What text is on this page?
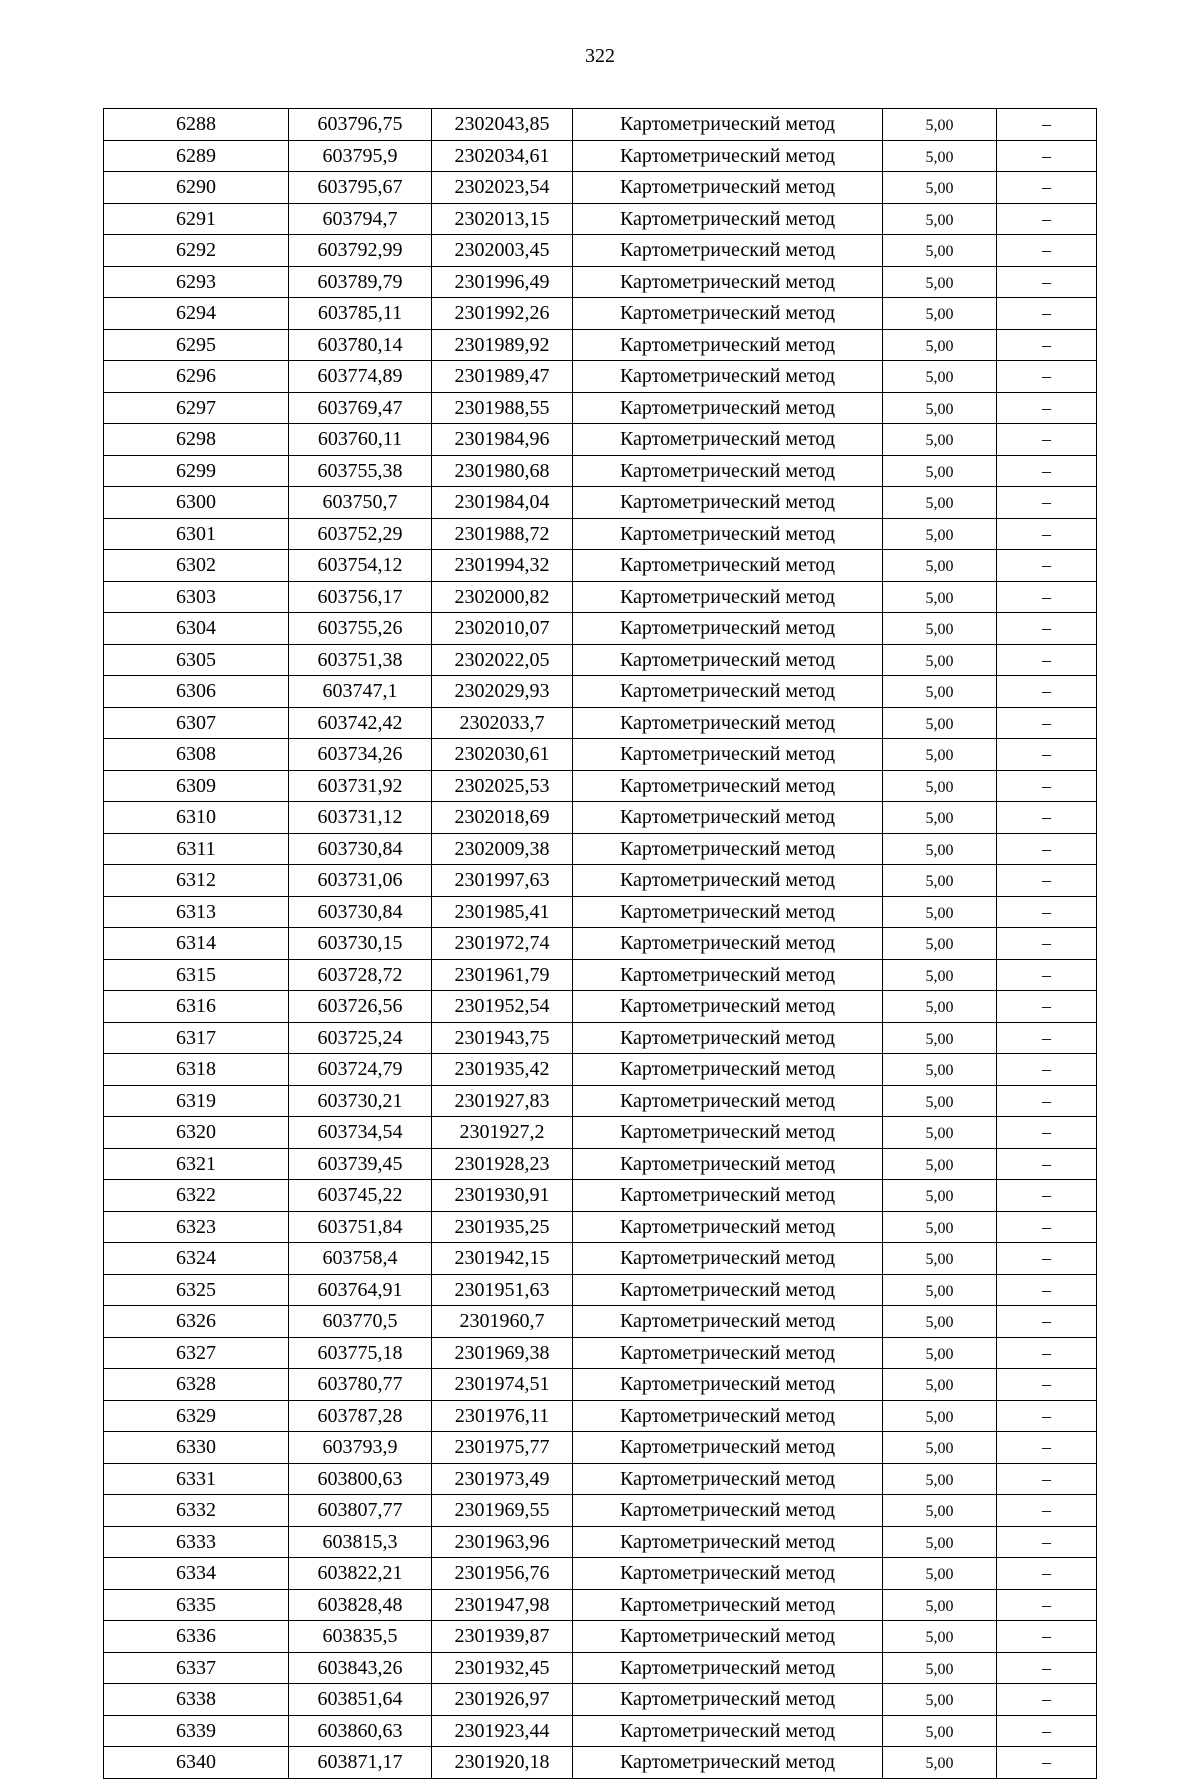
322
6288	603796,75	2302043,85	Картометрический метод	5,00	–
6289	603795,9	2302034,61	Картометрический метод	5,00	–
6290	603795,67	2302023,54	Картометрический метод	5,00	–
6291	603794,7	2302013,15	Картометрический метод	5,00	–
6292	603792,99	2302003,45	Картометрический метод	5,00	–
6293	603789,79	2301996,49	Картометрический метод	5,00	–
6294	603785,11	2301992,26	Картометрический метод	5,00	–
6295	603780,14	2301989,92	Картометрический метод	5,00	–
6296	603774,89	2301989,47	Картометрический метод	5,00	–
6297	603769,47	2301988,55	Картометрический метод	5,00	–
6298	603760,11	2301984,96	Картометрический метод	5,00	–
6299	603755,38	2301980,68	Картометрический метод	5,00	–
6300	603750,7	2301984,04	Картометрический метод	5,00	–
6301	603752,29	2301988,72	Картометрический метод	5,00	–
6302	603754,12	2301994,32	Картометрический метод	5,00	–
6303	603756,17	2302000,82	Картометрический метод	5,00	–
6304	603755,26	2302010,07	Картометрический метод	5,00	–
6305	603751,38	2302022,05	Картометрический метод	5,00	–
6306	603747,1	2302029,93	Картометрический метод	5,00	–
6307	603742,42	2302033,7	Картометрический метод	5,00	–
6308	603734,26	2302030,61	Картометрический метод	5,00	–
6309	603731,92	2302025,53	Картометрический метод	5,00	–
6310	603731,12	2302018,69	Картометрический метод	5,00	–
6311	603730,84	2302009,38	Картометрический метод	5,00	–
6312	603731,06	2301997,63	Картометрический метод	5,00	–
6313	603730,84	2301985,41	Картометрический метод	5,00	–
6314	603730,15	2301972,74	Картометрический метод	5,00	–
6315	603728,72	2301961,79	Картометрический метод	5,00	–
6316	603726,56	2301952,54	Картометрический метод	5,00	–
6317	603725,24	2301943,75	Картометрический метод	5,00	–
6318	603724,79	2301935,42	Картометрический метод	5,00	–
6319	603730,21	2301927,83	Картометрический метод	5,00	–
6320	603734,54	2301927,2	Картометрический метод	5,00	–
6321	603739,45	2301928,23	Картометрический метод	5,00	–
6322	603745,22	2301930,91	Картометрический метод	5,00	–
6323	603751,84	2301935,25	Картометрический метод	5,00	–
6324	603758,4	2301942,15	Картометрический метод	5,00	–
6325	603764,91	2301951,63	Картометрический метод	5,00	–
6326	603770,5	2301960,7	Картометрический метод	5,00	–
6327	603775,18	2301969,38	Картометрический метод	5,00	–
6328	603780,77	2301974,51	Картометрический метод	5,00	–
6329	603787,28	2301976,11	Картометрический метод	5,00	–
6330	603793,9	2301975,77	Картометрический метод	5,00	–
6331	603800,63	2301973,49	Картометрический метод	5,00	–
6332	603807,77	2301969,55	Картометрический метод	5,00	–
6333	603815,3	2301963,96	Картометрический метод	5,00	–
6334	603822,21	2301956,76	Картометрический метод	5,00	–
6335	603828,48	2301947,98	Картометрический метод	5,00	–
6336	603835,5	2301939,87	Картометрический метод	5,00	–
6337	603843,26	2301932,45	Картометрический метод	5,00	–
6338	603851,64	2301926,97	Картометрический метод	5,00	–
6339	603860,63	2301923,44	Картометрический метод	5,00	–
6340	603871,17	2301920,18	Картометрический метод	5,00	–
